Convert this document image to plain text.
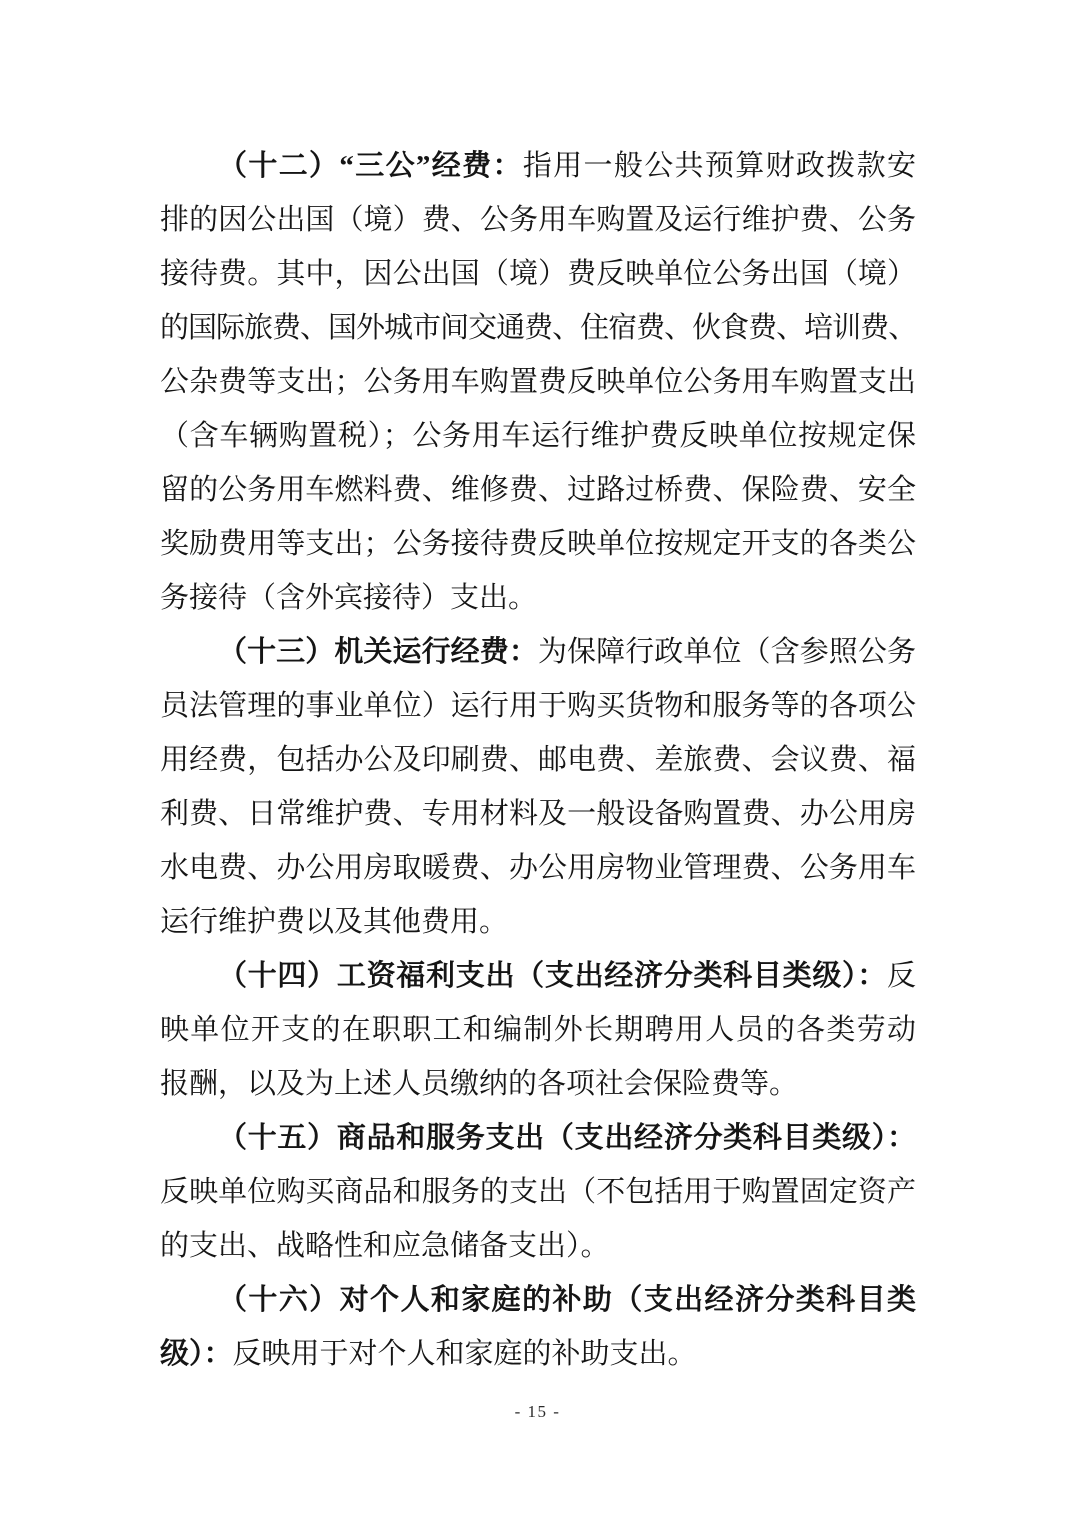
（十二）“三公”经费：指用一般公共预算财政拨款安
排的因公出国（境）费、公务用车购置及运行维护费、公务
接待费。其中，因公出国（境）费反映单位公务出国（境）
的国际旅费、国外城市间交通费、住宿费、伙食费、培训费、
公杂费等支出；公务用车购置费反映单位公务用车购置支出
（含车辆购置税）；公务用车运行维护费反映单位按规定保
留的公务用车燃料费、维修费、过路过桥费、保险费、安全
奖励费用等支出；公务接待费反映单位按规定开支的各类公
务接待（含外宾接待）支出。
（十三）机关运行经费：为保障行政单位（含参照公务
员法管理的事业单位）运行用于购买货物和服务等的各项公
用经费，包括办公及印刷费、邮电费、差旅费、会议费、福
利费、日常维护费、专用材料及一般设备购置费、办公用房
水电费、办公用房取暖费、办公用房物业管理费、公务用车
运行维护费以及其他费用。
（十四）工资福利支出（支出经济分类科目类级）：反
映单位开支的在职职工和编制外长期聘用人员的各类劳动
报酬，以及为上述人员缴纳的各项社会保险费等。
（十五）商品和服务支出（支出经济分类科目类级）：
反映单位购买商品和服务的支出（不包括用于购置固定资产
的支出、战略性和应急储备支出）。
（十六）对个人和家庭的补助（支出经济分类科目类
级）：反映用于对个人和家庭的补助支出。
- 15 -
